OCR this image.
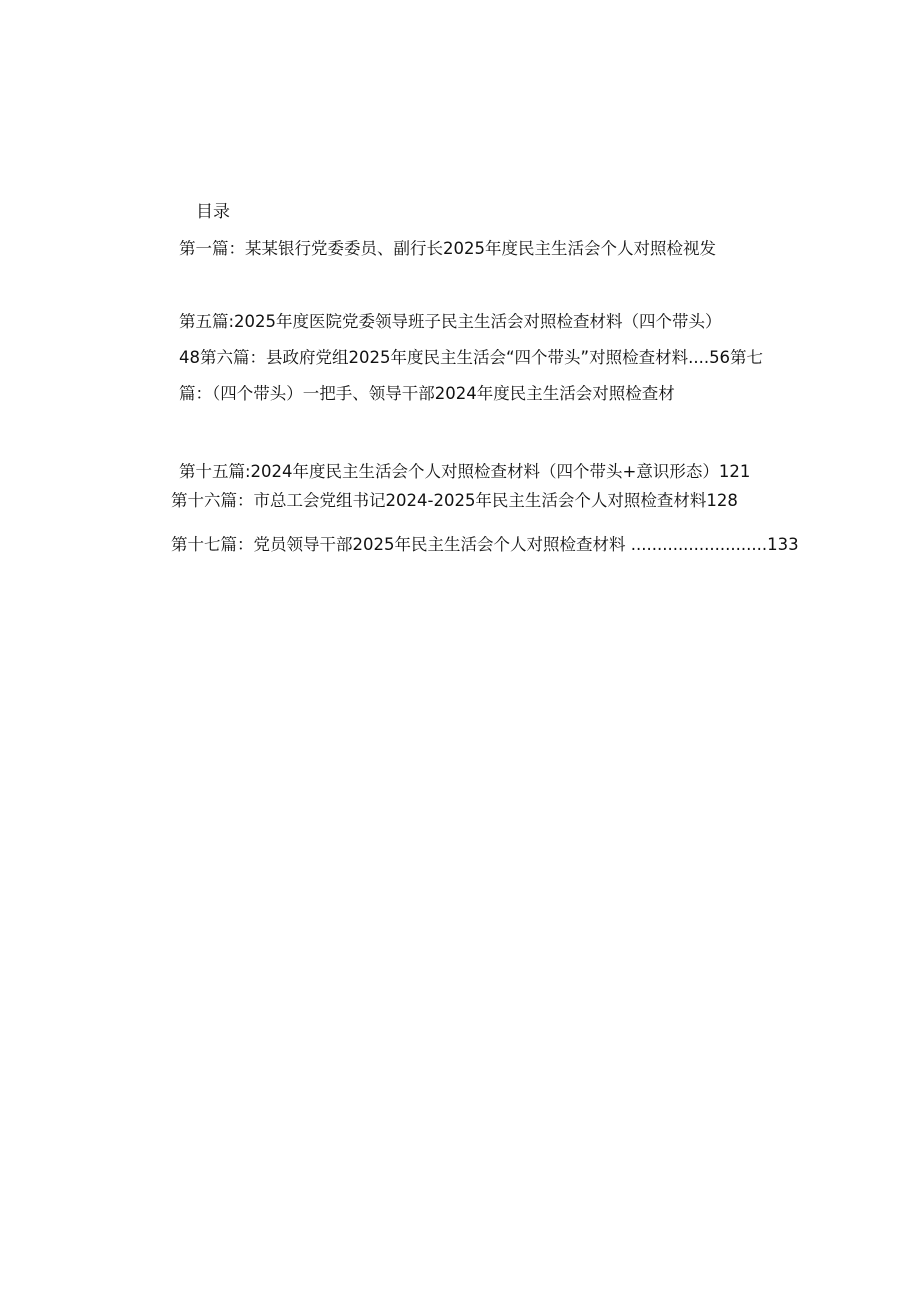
目录
第一篇：某某银行党委委员、副行长2025年度民主生活会个人对照检视发
第五篇:2025年度医院党委领导班子民主生活会对照检查材料（四个带头）
48第六篇：县政府党组2025年度民主生活会“四个带头”对照检查材料....56第七
篇：（四个带头）一把手、领导干部2024年度民主生活会对照检查材
第十五篇:2024年度民主生活会个人对照检查材料（四个带头+意识形态）121
第十六篇：市总工会党组书记2024-2025年民主生活会个人对照检查材料128
第十七篇：党员领导干部2025年民主生活会个人对照检查材料 ..........................133
